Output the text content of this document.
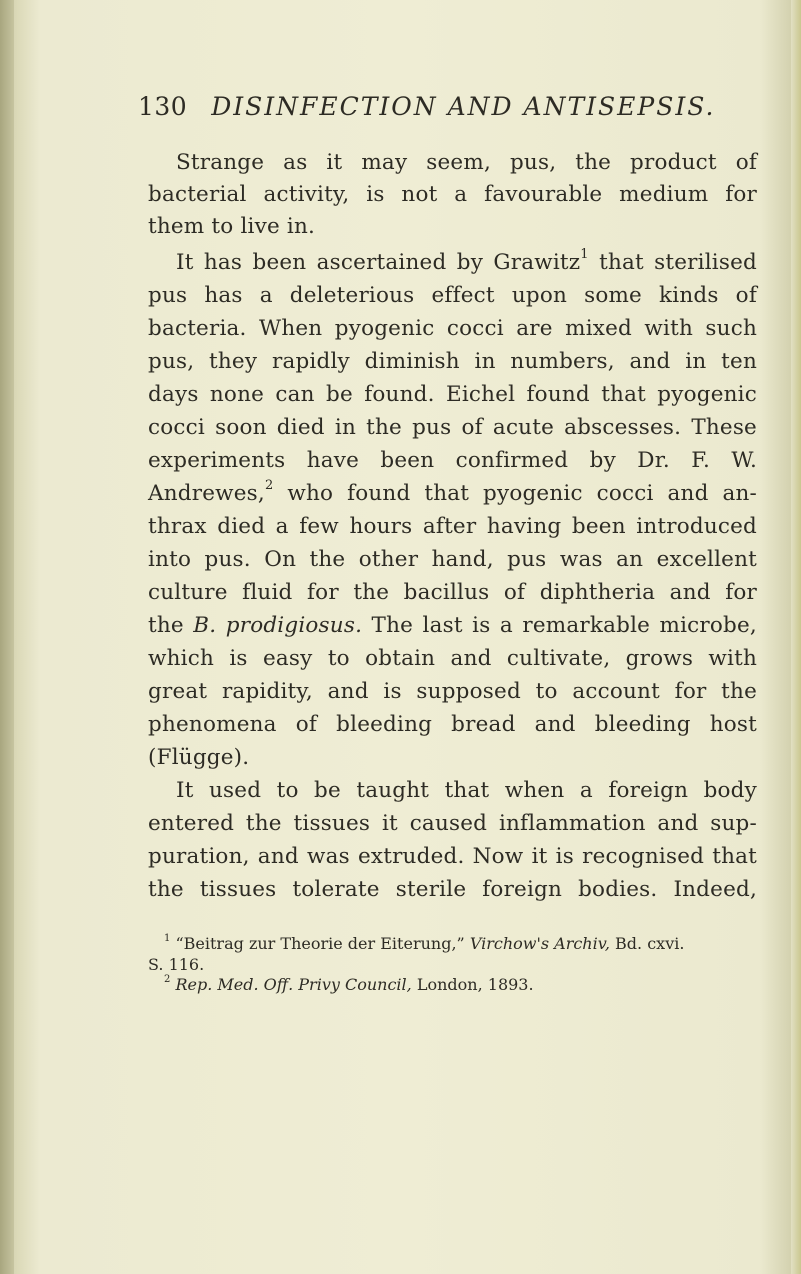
130 DISINFECTION AND ANTISEPSIS.
Strange as it may seem, pus, the product of
bacterial activity, is not a favourable medium for
them to live in.
It has been ascertained by Grawitz$^1$ that sterilised
pus has a deleterious effect upon some kinds of
bacteria. When pyogenic cocci are mixed with such
pus, they rapidly diminish in numbers, and in ten
days none can be found. Eichel found that pyogenic
cocci soon died in the pus of acute abscesses. These
experiments have been confirmed by Dr. F. W.
Andrewes,$^2$ who found that pyogenic cocci and an-
thrax died a few hours after having been introduced
into pus. On the other hand, pus was an excellent
culture fluid for the bacillus of diphtheria and for
the B. prodigiosus. The last is a remarkable microbe,
which is easy to obtain and cultivate, grows with
great rapidity, and is supposed to account for the
phenomena of bleeding bread and bleeding host
(Flügge).
It used to be taught that when a foreign body
entered the tissues it caused inflammation and sup-
puration, and was extruded. Now it is recognised that
the tissues tolerate sterile foreign bodies. Indeed,
$^1$ “Beitrag zur Theorie der Eiterung,” Virchow's Archiv, Bd. cxvi.
S. 116.
$^2$ Rep. Med. Off. Privy Council, London, 1893.
